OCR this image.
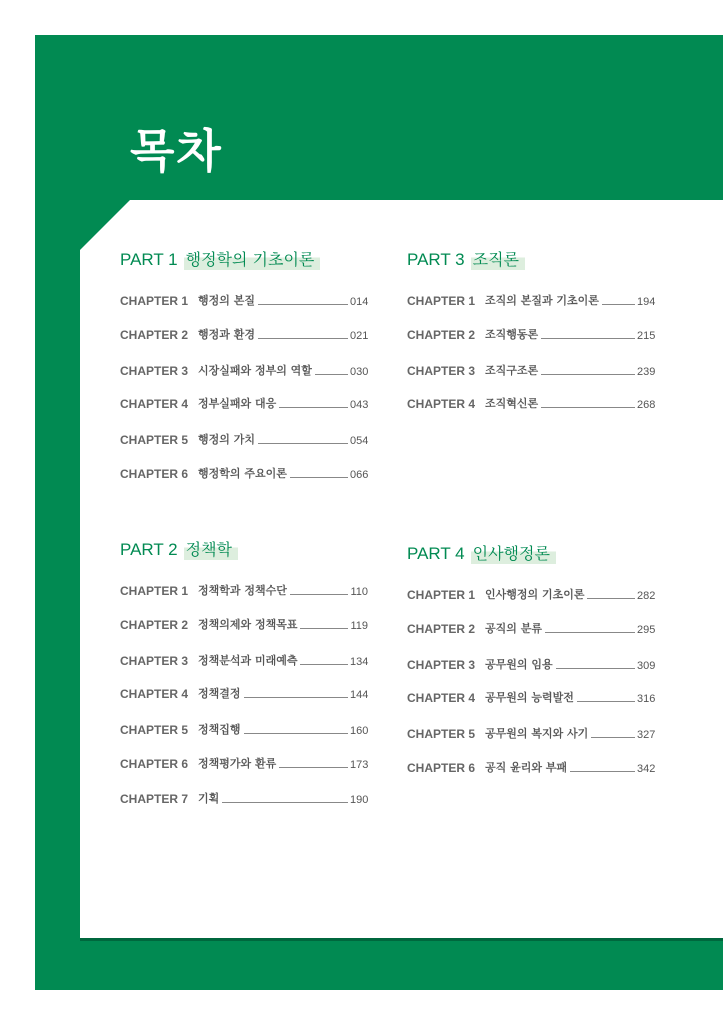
목차
PART 1 행정학의 기초이론
CHAPTER 1 행정의 본질	014
CHAPTER 2 행정과 환경	021
CHAPTER 3 시장실패와 정부의 역할	030
CHAPTER 4 정부실패와 대응	043
CHAPTER 5 행정의 가치	054
CHAPTER 6 행정학의 주요이론	066
PART 2 정책학
CHAPTER 1 정책학과 정책수단	110
CHAPTER 2 정책의제와 정책목표	119
CHAPTER 3 정책분석과 미래예측	134
CHAPTER 4 정책결정	144
CHAPTER 5 정책집행	160
CHAPTER 6 정책평가와 환류	173
CHAPTER 7 기획	190
PART 3 조직론
CHAPTER 1 조직의 본질과 기초이론	194
CHAPTER 2 조직행동론	215
CHAPTER 3 조직구조론	239
CHAPTER 4 조직혁신론	268
PART 4 인사행정론
CHAPTER 1 인사행정의 기초이론	282
CHAPTER 2 공직의 분류	295
CHAPTER 3 공무원의 임용	309
CHAPTER 4 공무원의 능력발전	316
CHAPTER 5 공무원의 복지와 사기	327
CHAPTER 6 공직 윤리와 부패	342
